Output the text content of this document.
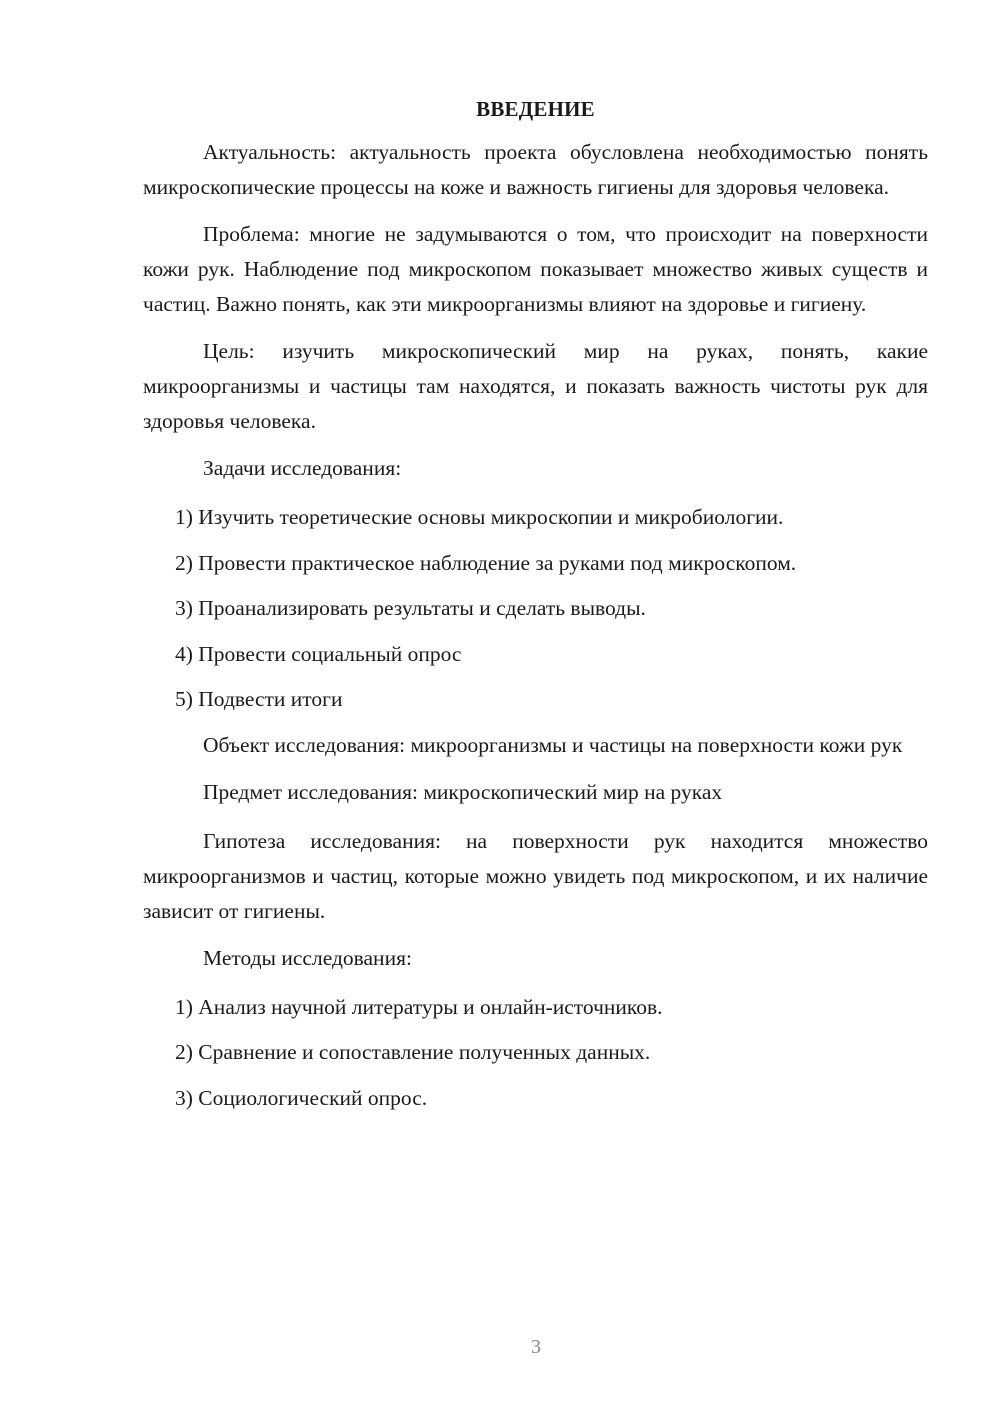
ВВЕДЕНИЕ

Актуальность: актуальность проекта обусловлена необходимостью понять микроскопические процессы на коже и важность гигиены для здоровья человека.

Проблема: многие не задумываются о том, что происходит на поверхности кожи рук. Наблюдение под микроскопом показывает множество живых существ и частиц. Важно понять, как эти микроорганизмы влияют на здоровье и гигиену.

Цель: изучить микроскопический мир на руках, понять, какие микроорганизмы и частицы там находятся, и показать важность чистоты рук для здоровья человека.

Задачи исследования:

1) Изучить теоретические основы микроскопии и микробиологии.
2) Провести практическое наблюдение за руками под микроскопом.
3) Проанализировать результаты и сделать выводы.
4) Провести социальный опрос
5) Подвести итоги

Объект исследования: микроорганизмы и частицы на поверхности кожи рук

Предмет исследования: микроскопический мир на руках

Гипотеза исследования: на поверхности рук находится множество микроорганизмов и частиц, которые можно увидеть под микроскопом, и их наличие зависит от гигиены.

Методы исследования:

1) Анализ научной литературы и онлайн-источников.
2) Сравнение и сопоставление полученных данных.
3) Социологический опрос.
3
